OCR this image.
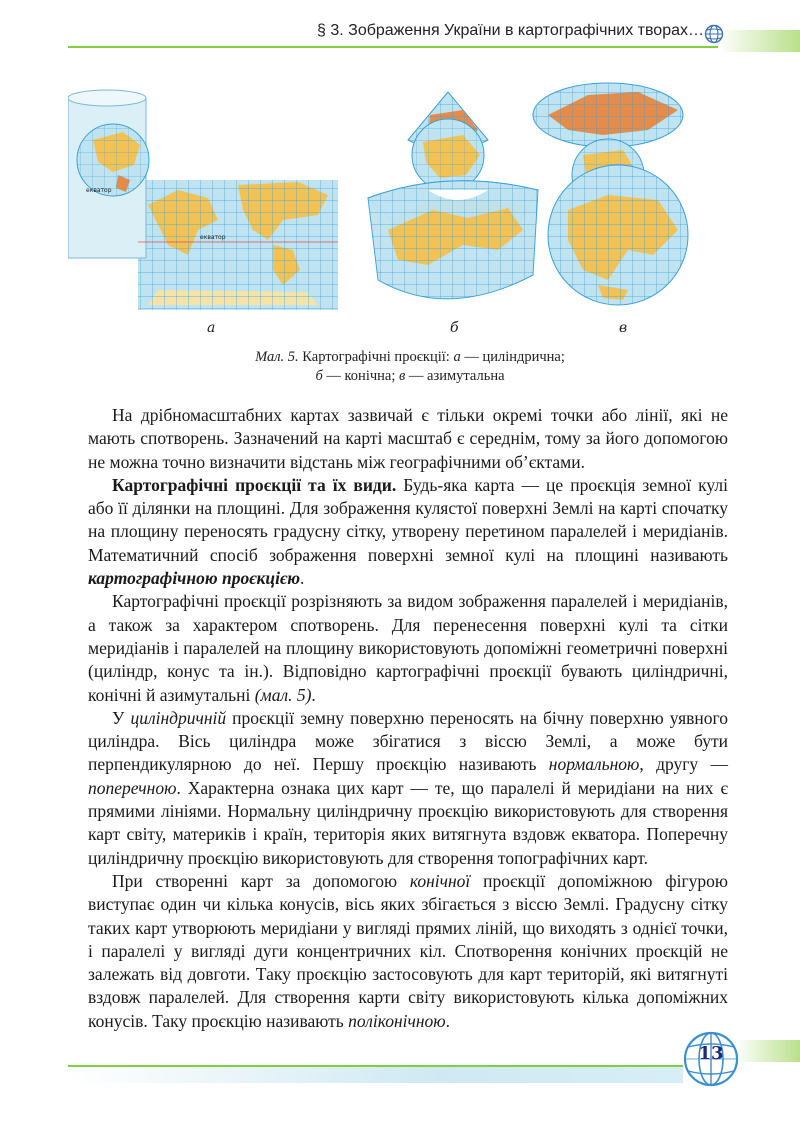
§ 3. Зображення України в картографічних творах…
екватор
екватор
а	б	в
Мал. 5. Картографічні проєкції: а — циліндрична;
б — конічна; в — азимутальна

На дрібномасштабних картах зазвичай є тільки окремі точки або лінії, які не мають спотворень. Зазначений на карті масштаб є середнім, тому за його допомогою не можна точно визначити відстань між географічними об’єктами.

Картографічні проєкції та їх види. Будь-яка карта — це проєкція земної кулі або її ділянки на площині. Для зображення кулястої поверхні Землі на карті спочатку на площину переносять градусну сітку, утворену перетином паралелей і меридіанів. Математичний спосіб зображення поверхні земної кулі на площині називають картографічною проєкцією.

Картографічні проєкції розрізняють за видом зображення паралелей і меридіанів, а також за характером спотворень. Для перенесення поверхні кулі та сітки меридіанів і паралелей на площину використовують допоміжні геометричні поверхні (циліндр, конус та ін.). Відповідно картографічні проєкції бувають циліндричні, конічні й азимутальні (мал. 5).

У циліндричній проєкції земну поверхню переносять на бічну поверхню уявного циліндра. Вісь циліндра може збігатися з віссю Землі, а може бути перпендикулярною до неї. Першу проєкцію називають нормальною, другу — поперечною. Характерна ознака цих карт — те, що паралелі й меридіани на них є прямими лініями. Нормальну циліндричну проєкцію використовують для створення карт світу, материків і країн, територія яких витягнута вздовж екватора. Поперечну циліндричну проєкцію використовують для створення топографічних карт.

При створенні карт за допомогою конічної проєкції допоміжною фігурою виступає один чи кілька конусів, вісь яких збігається з віссю Землі. Градусну сітку таких карт утворюють меридіани у вигляді прямих ліній, що виходять з однієї точки, і паралелі у вигляді дуги концентричних кіл. Спотворення конічних проєкцій не залежать від довготи. Таку проєкцію застосовують для карт територій, які витягнуті вздовж паралелей. Для створення карти світу використовують кілька допоміжних конусів. Таку проєкцію називають поліконічною.

13
